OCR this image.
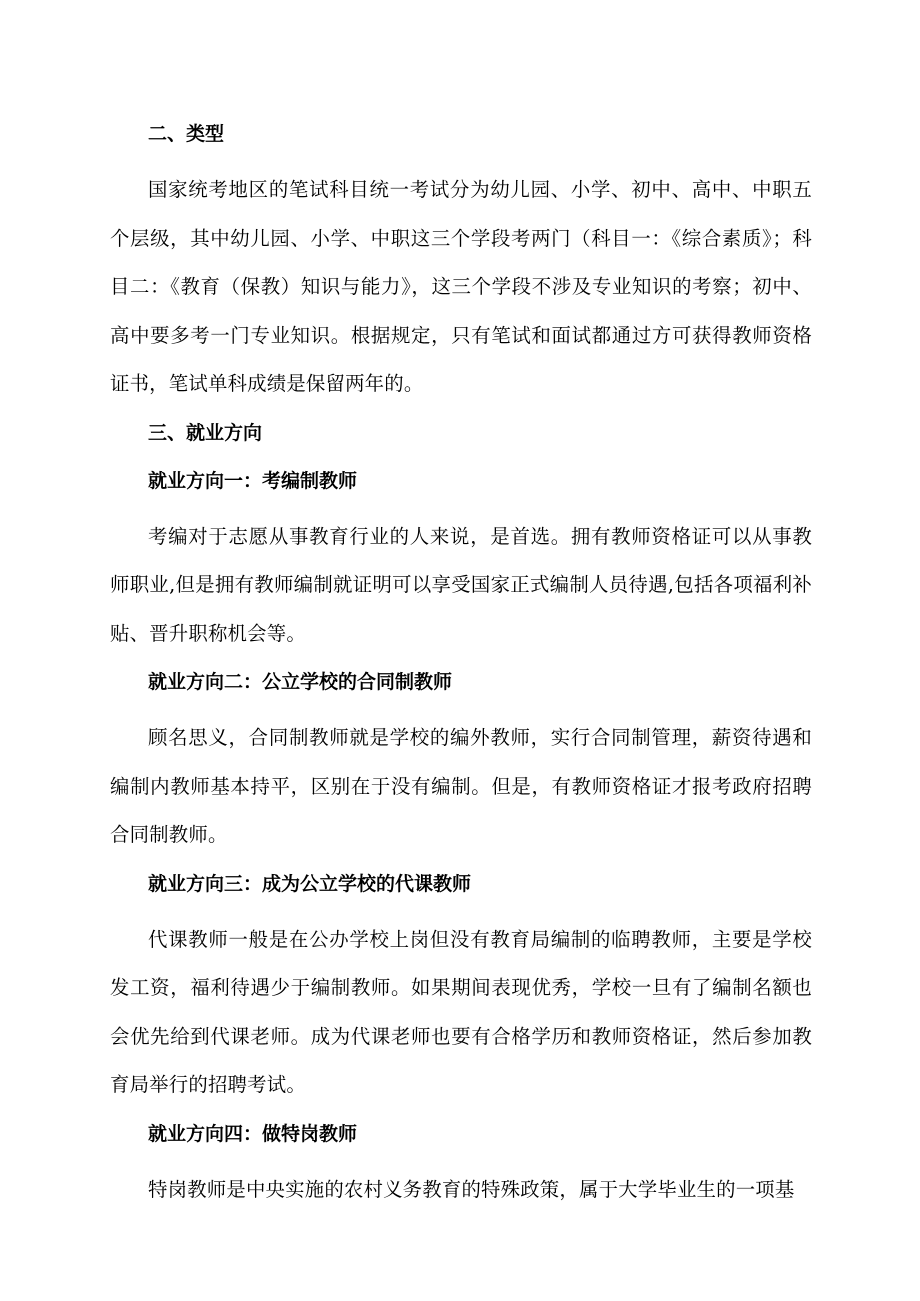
二、类型

国家统考地区的笔试科目统一考试分为幼儿园、小学、初中、高中、中职五个层级，其中幼儿园、小学、中职这三个学段考两门（科目一：《综合素质》；科目二：《教育（保教）知识与能力》，这三个学段不涉及专业知识的考察；初中、高中要多考一门专业知识。根据规定，只有笔试和面试都通过方可获得教师资格证书，笔试单科成绩是保留两年的。

三、就业方向
就业方向一：考编制教师

考编对于志愿从事教育行业的人来说，是首选。拥有教师资格证可以从事教师职业,但是拥有教师编制就证明可以享受国家正式编制人员待遇,包括各项福利补贴、晋升职称机会等。

就业方向二：公立学校的合同制教师

顾名思义，合同制教师就是学校的编外教师，实行合同制管理，薪资待遇和编制内教师基本持平，区别在于没有编制。但是，有教师资格证才报考政府招聘合同制教师。

就业方向三：成为公立学校的代课教师

代课教师一般是在公办学校上岗但没有教育局编制的临聘教师，主要是学校发工资，福利待遇少于编制教师。如果期间表现优秀，学校一旦有了编制名额也会优先给到代课老师。成为代课老师也要有合格学历和教师资格证，然后参加教育局举行的招聘考试。

就业方向四：做特岗教师

特岗教师是中央实施的农村义务教育的特殊政策，属于大学毕业生的一项基
